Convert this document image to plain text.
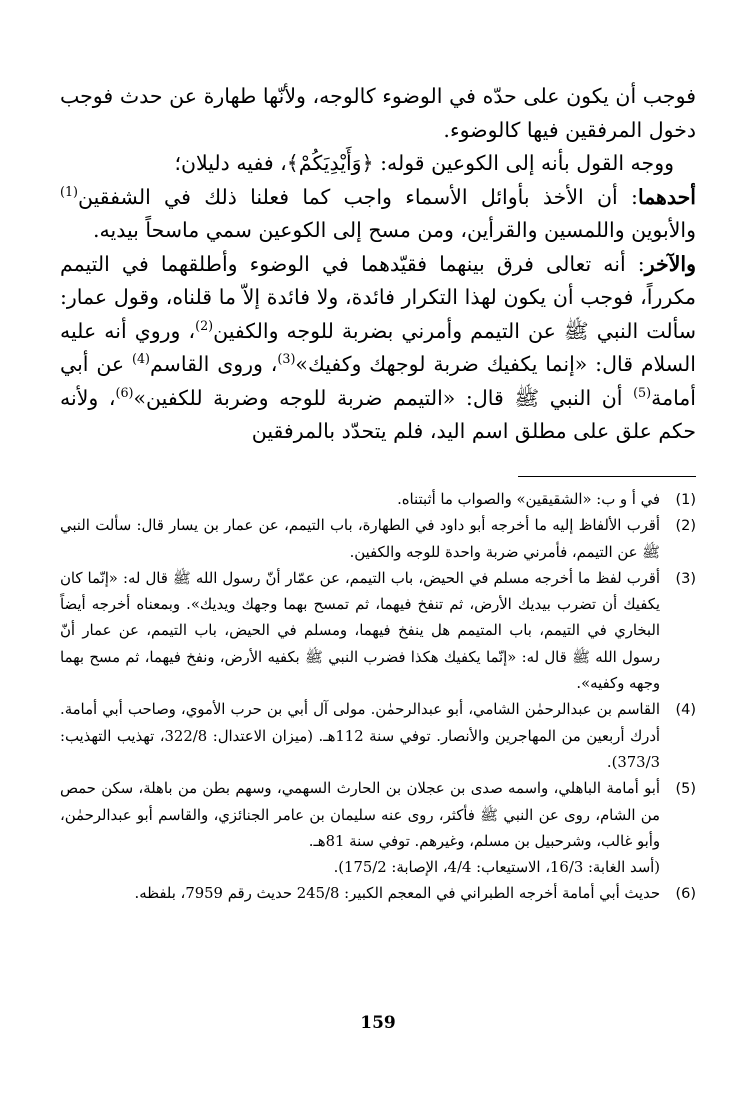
فوجب أن يكون على حدّه في الوضوء كالوجه، ولأنّها طهارة عن حدث فوجب دخول المرفقين فيها كالوضوء.

ووجه القول بأنه إلى الكوعين قوله: ﴿وَأَيْدِيَكُمْ﴾، ففيه دليلان؛

أحدهما: أن الأخذ بأوائل الأسماء واجب كما فعلنا ذلك في الشفقين$^{(1)}$ والأبوين واللمسين والقرأين، ومن مسح إلى الكوعين سمي ماسحاً بيديه.

والآخر: أنه تعالى فرق بينهما فقيّدهما في الوضوء وأطلقهما في التيمم مكرراً، فوجب أن يكون لهذا التكرار فائدة، ولا فائدة إلاّ ما قلناه، وقول عمار: سألت النبي ﷺ عن التيمم وأمرني بضربة للوجه والكفين$^{(2)}$، وروي أنه عليه السلام قال: «إنما يكفيك ضربة لوجهك وكفيك»$^{(3)}$، وروى القاسم$^{(4)}$ عن أبي أمامة$^{(5)}$ أن النبي ﷺ قال: «التيمم ضربة للوجه وضربة للكفين»$^{(6)}$، ولأنه حكم علق على مطلق اسم اليد، فلم يتحدّد بالمرفقين

(1)
في أ و ب: «الشقيقين» والصواب ما أثبتناه.
(2)
أقرب الألفاظ إليه ما أخرجه أبو داود في الطهارة، باب التيمم، عن عمار بن يسار قال: سألت النبي ﷺ عن التيمم، فأمرني ضربة واحدة للوجه والكفين.
(3)
أقرب لفظ ما أخرجه مسلم في الحيض، باب التيمم، عن عمّار أنّ رسول الله ﷺ قال له: «إنّما كان يكفيك أن تضرب بيديك الأرض، ثم تنفخ فيهما، ثم تمسح بهما وجهك ويديك». وبمعناه أخرجه أيضاً البخاري في التيمم، باب المتيمم هل ينفخ فيهما، ومسلم في الحيض، باب التيمم، عن عمار أنّ رسول الله ﷺ قال له: «إنّما يكفيك هكذا فضرب النبي ﷺ بكفيه الأرض، ونفخ فيهما، ثم مسح بهما وجهه وكفيه».
(4)
القاسم بن عبدالرحمٰن الشامي، أبو عبدالرحمٰن. مولى آل أبي بن حرب الأموي، وصاحب أبي أمامة. أدرك أربعين من المهاجرين والأنصار. توفي سنة 112هـ. (ميزان الاعتدال: 322/8، تهذيب التهذيب: 373/3).
(5)
أبو أمامة الباهلي، واسمه صدى بن عجلان بن الحارث السهمي، وسهم بطن من باهلة، سكن حمص من الشام، روى عن النبي ﷺ فأكثر، روى عنه سليمان بن عامر الجنائزي، والقاسم أبو عبدالرحمٰن، وأبو غالب، وشرحبيل بن مسلم، وغيرهم. توفي سنة 81هـ.
(أسد الغابة: 16/3، الاستيعاب: 4/4، الإصابة: 175/2).
(6)
حديث أبي أمامة أخرجه الطبراني في المعجم الكبير: 245/8 حديث رقم 7959، بلفظه.
159
